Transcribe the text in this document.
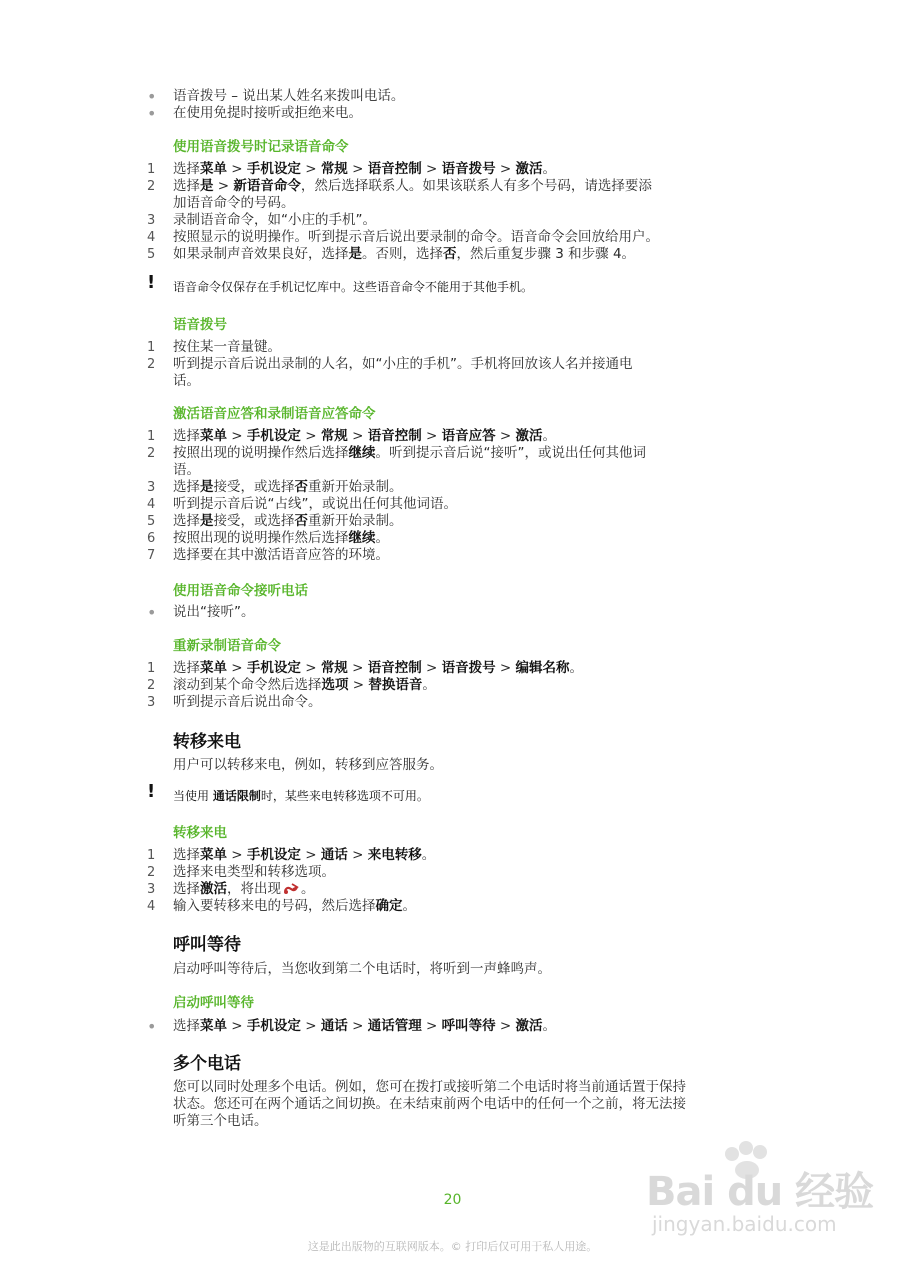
•	语音拨号 – 说出某人姓名来拨叫电话。
•	在使用免提时接听或拒绝来电。
使用语音拨号时记录语音命令
1	选择菜单 > 手机设定 > 常规 > 语音控制 > 语音拨号 > 激活。
2	选择是 > 新语音命令，然后选择联系人。如果该联系人有多个号码，请选择要添
加语音命令的号码。
3	录制语音命令，如“小庄的手机”。
4	按照显示的说明操作。听到提示音后说出要录制的命令。语音命令会回放给用户。
5	如果录制声音效果良好，选择是。否则，选择否，然后重复步骤 3 和步骤 4。
! 语音命令仅保存在手机记忆库中。这些语音命令不能用于其他手机。
语音拨号
1	按住某一音量键。
2	听到提示音后说出录制的人名，如“小庄的手机”。手机将回放该人名并接通电
话。
激活语音应答和录制语音应答命令
1	选择菜单 > 手机设定 > 常规 > 语音控制 > 语音应答 > 激活。
2	按照出现的说明操作然后选择继续。听到提示音后说“接听”，或说出任何其他词
语。
3	选择是接受，或选择否重新开始录制。
4	听到提示音后说“占线”，或说出任何其他词语。
5	选择是接受，或选择否重新开始录制。
6	按照出现的说明操作然后选择继续。
7	选择要在其中激活语音应答的环境。
使用语音命令接听电话
•	说出“接听”。
重新录制语音命令
1	选择菜单 > 手机设定 > 常规 > 语音控制 > 语音拨号 > 编辑名称。
2	滚动到某个命令然后选择选项 > 替换语音。
3	听到提示音后说出命令。
转移来电
用户可以转移来电，例如，转移到应答服务。
! 当使用 通话限制时，某些来电转移选项不可用。
转移来电
1	选择菜单 > 手机设定 > 通话 > 来电转移。
2	选择来电类型和转移选项。
3	选择激活，将出现 。
4	输入要转移来电的号码，然后选择确定。
呼叫等待
启动呼叫等待后，当您收到第二个电话时，将听到一声蜂鸣声。
启动呼叫等待
•	选择菜单 > 手机设定 > 通话 > 通话管理 > 呼叫等待 > 激活。
多个电话
您可以同时处理多个电话。例如，您可在拨打或接听第二个电话时将当前通话置于保持
状态。您还可在两个通话之间切换。在未结束前两个电话中的任何一个之前，将无法接
听第三个电话。
20
这是此出版物的互联网版本。© 打印后仅可用于私人用途。
Bai du 经验
jingyan.baidu.com
